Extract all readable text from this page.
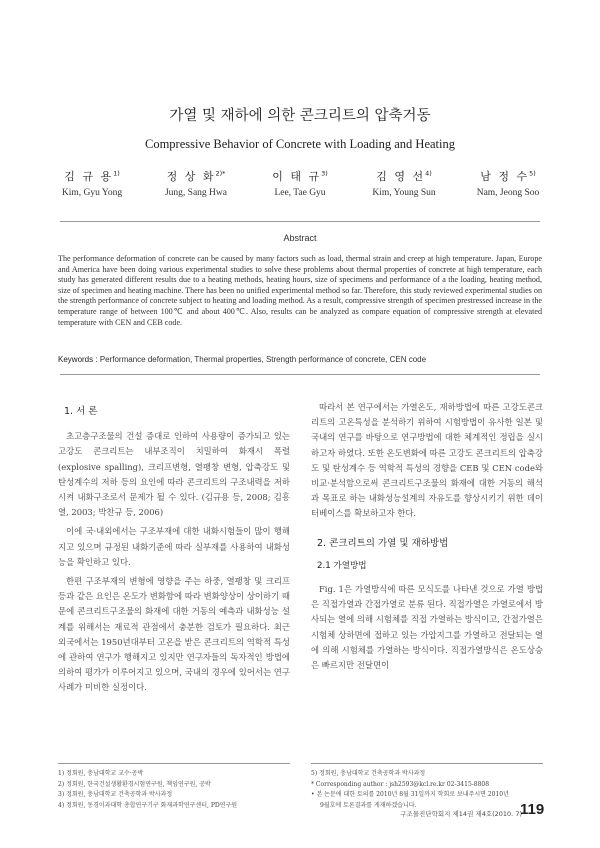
가열 및 재하에 의한 콘크리트의 압축거동
Compressive Behavior of Concrete with Loading and Heating
김 규 용$^{1)}$
Kim, Gyu Yong
정 상 화$^{2)*}$
Jung, Sang Hwa
이 태 규$^{3)}$
Lee, Tae Gyu
김 영 선$^{4)}$
Kim, Young Sun
남 정 수$^{5)}$
Nam, Jeong Soo
Abstract
The performance deformation of concrete can be caused by many factors such as load, thermal strain and creep at high temperature. Japan, Europe and America have been doing various experimental studies to solve these problems about thermal properties of concrete at high temperature, each study has generated different results due to a heating methods, heating hours, size of specimens and performance of a the loading, heating method, size of specimen and heating machine. There has been no unified experimental method so far. Therefore, this study reviewed experimental studies on the strength performance of concrete subject to heating and loading method. As a result, compressive strength of specimen prestressed increase in the temperature range of between 100℃ and about 400℃. Also, results can be analyzed as compare equation of compressive strength at elevated temperature with CEN and CEB code.
Keywords : Performance deformation, Thermal properties, Strength performance of concrete, CEN code
1. 서 론

초고층구조물의 건설 증대로 인하여 사용량이 증가되고 있는 고강도 콘크리트는 내부조직이 치밀하여 화재시 폭렬(explosive spalling), 크리프변형, 열팽창 변형, 압축강도 및 탄성계수의 저하 등의 요인에 따라 콘크리트의 구조내력을 저하시켜 내화구조로서 문제가 될 수 있다. (김규용 등, 2008; 김흥열, 2003; 박찬규 등, 2006)

이에 국·내외에서는 구조부재에 대한 내화시험들이 많이 행해지고 있으며 규정된 내화기준에 따라 실부재를 사용하여 내화성능을 확인하고 있다.

한편 구조부재의 변형에 영향을 주는 하중, 열팽창 및 크리프 등과 같은 요인은 온도가 변화함에 따라 변화양상이 상이하기 때문에 콘크리트구조물의 화재에 대한 거동의 예측과 내화성능 설계를 위해서는 재료적 관점에서 충분한 검토가 필요하다. 최근 외국에서는 1950년대부터 고온을 받은 콘크리트의 역학적 특성에 관하여 연구가 행해지고 있지만 연구자들의 독자적인 방법에 의하여 평가가 이루어지고 있으며, 국내의 경우에 있어서는 연구사례가 미비한 실정이다.

따라서 본 연구에서는 가열온도, 재하방법에 따른 고강도콘크리트의 고온특성을 분석하기 위하여 시험방법이 유사한 일본 및 국내의 연구를 바탕으로 연구방법에 대한 체계적인 정립을 실시하고자 하였다. 또한 온도변화에 따른 고강도 콘크리트의 압축강도 및 탄성계수 등 역학적 특성의 경향을 CEB 및 CEN code와 비교·분석함으로써 콘크리트구조물의 화재에 대한 거동의 해석과 목표로 하는 내화성능설계의 자유도를 향상시키기 위한 데이터베이스를 확보하고자 한다.

2. 콘크리트의 가열 및 재하방법
2.1 가열방법

Fig. 1은 가열방식에 따른 모식도를 나타낸 것으로 가열 방법은 직접가열과 간접가열로 분류 된다. 직접가열은 가열로에서 방사되는 열에 의해 시험체를 직접 가열하는 방식이고, 간접가열은 시험체 상하면에 접하고 있는 가압지그를 가열하고 전달되는 열에 의해 시험체를 가열하는 방식이다. 직접가열방식은 온도상승은 빠르지만 전달면이

1) 정회원, 충남대학교 교수·공박
2) 정회원, 한국건설생활환경시험연구원, 책임연구원, 공박
3) 정회원, 충남대학교 건축공학과 박사과정
4) 정회원, 동경이과대학 총합연구기구 화재과학연구센터, PD연구원
5) 정회원, 충남대학교 건축공학과 박사과정
* Corresponding author : jsh2593@kcl.re.kr 02-3415-8808
• 본 논문에 대한 토의를 2010년 8월 31일까지 학회로 보내주시면 2010년
9월호에 토론결과를 게재하겠습니다.
구조물진단학회지 제14권 제4호(2010. 7)
119
